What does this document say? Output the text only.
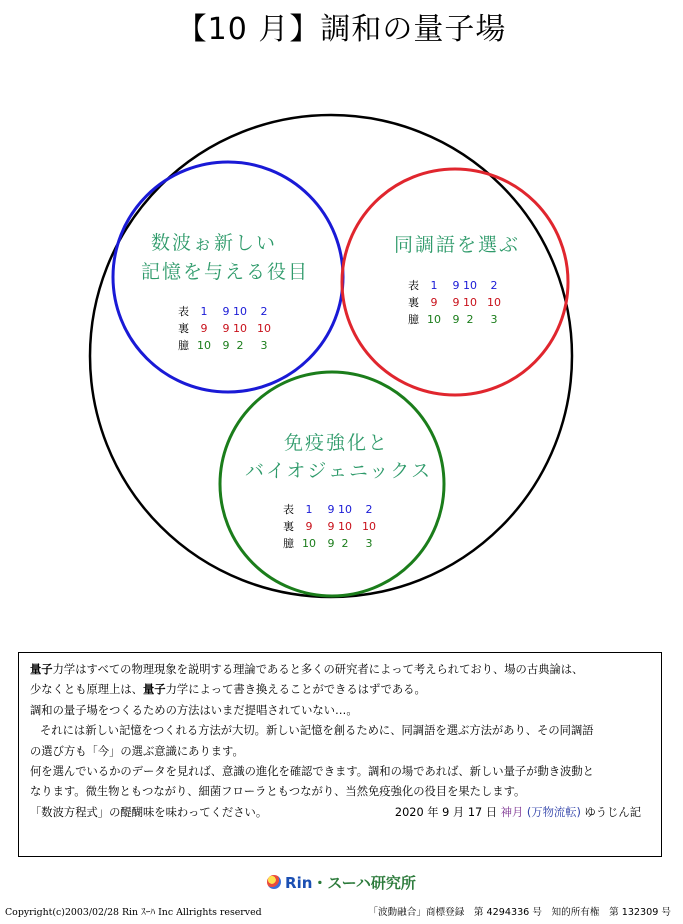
【10 月】調和の量子場
数波ぉ新しい
記憶を与える役目
表 1 9 10 2
裏 9 9 10 10
臆 10 9 2 3
同調語を選ぶ
表 1 9 10 2
裏 9 9 10 10
臆 10 9 2 3
免疫強化と
バイオジェニックス
表 1 9 10 2
裏 9 9 10 10
臆 10 9 2 3

量子力学はすべての物理現象を説明する理論であると多くの研究者によって考えられており、場の古典論は、

少なくとも原理上は、量子力学によって書き換えることができるはずである。

調和の量子場をつくるための方法はいまだ提唱されていない…。

それには新しい記憶をつくれる方法が大切。新しい記憶を創るために、同調語を選ぶ方法があり、その同調語

の選び方も「今」の選ぶ意識にあります。

何を選んでいるかのデータを見れば、意識の進化を確認できます。調和の場であれば、新しい量子が動き波動と

なります。微生物ともつながり、細菌フローラともつながり、当然免疫強化の役目を果たします。

「数波方程式」の醍醐味を味わってください。	2020 年 9 月 17 日 神月 (万物流転) ゆうじん記

Rin・スーハ研究所
Copyright(c)2003/02/28 Rin ｽｰﾊ Inc Allrights reserved	「波動融合」商標登録　第 4294336 号　知的所有権　第 132309 号
